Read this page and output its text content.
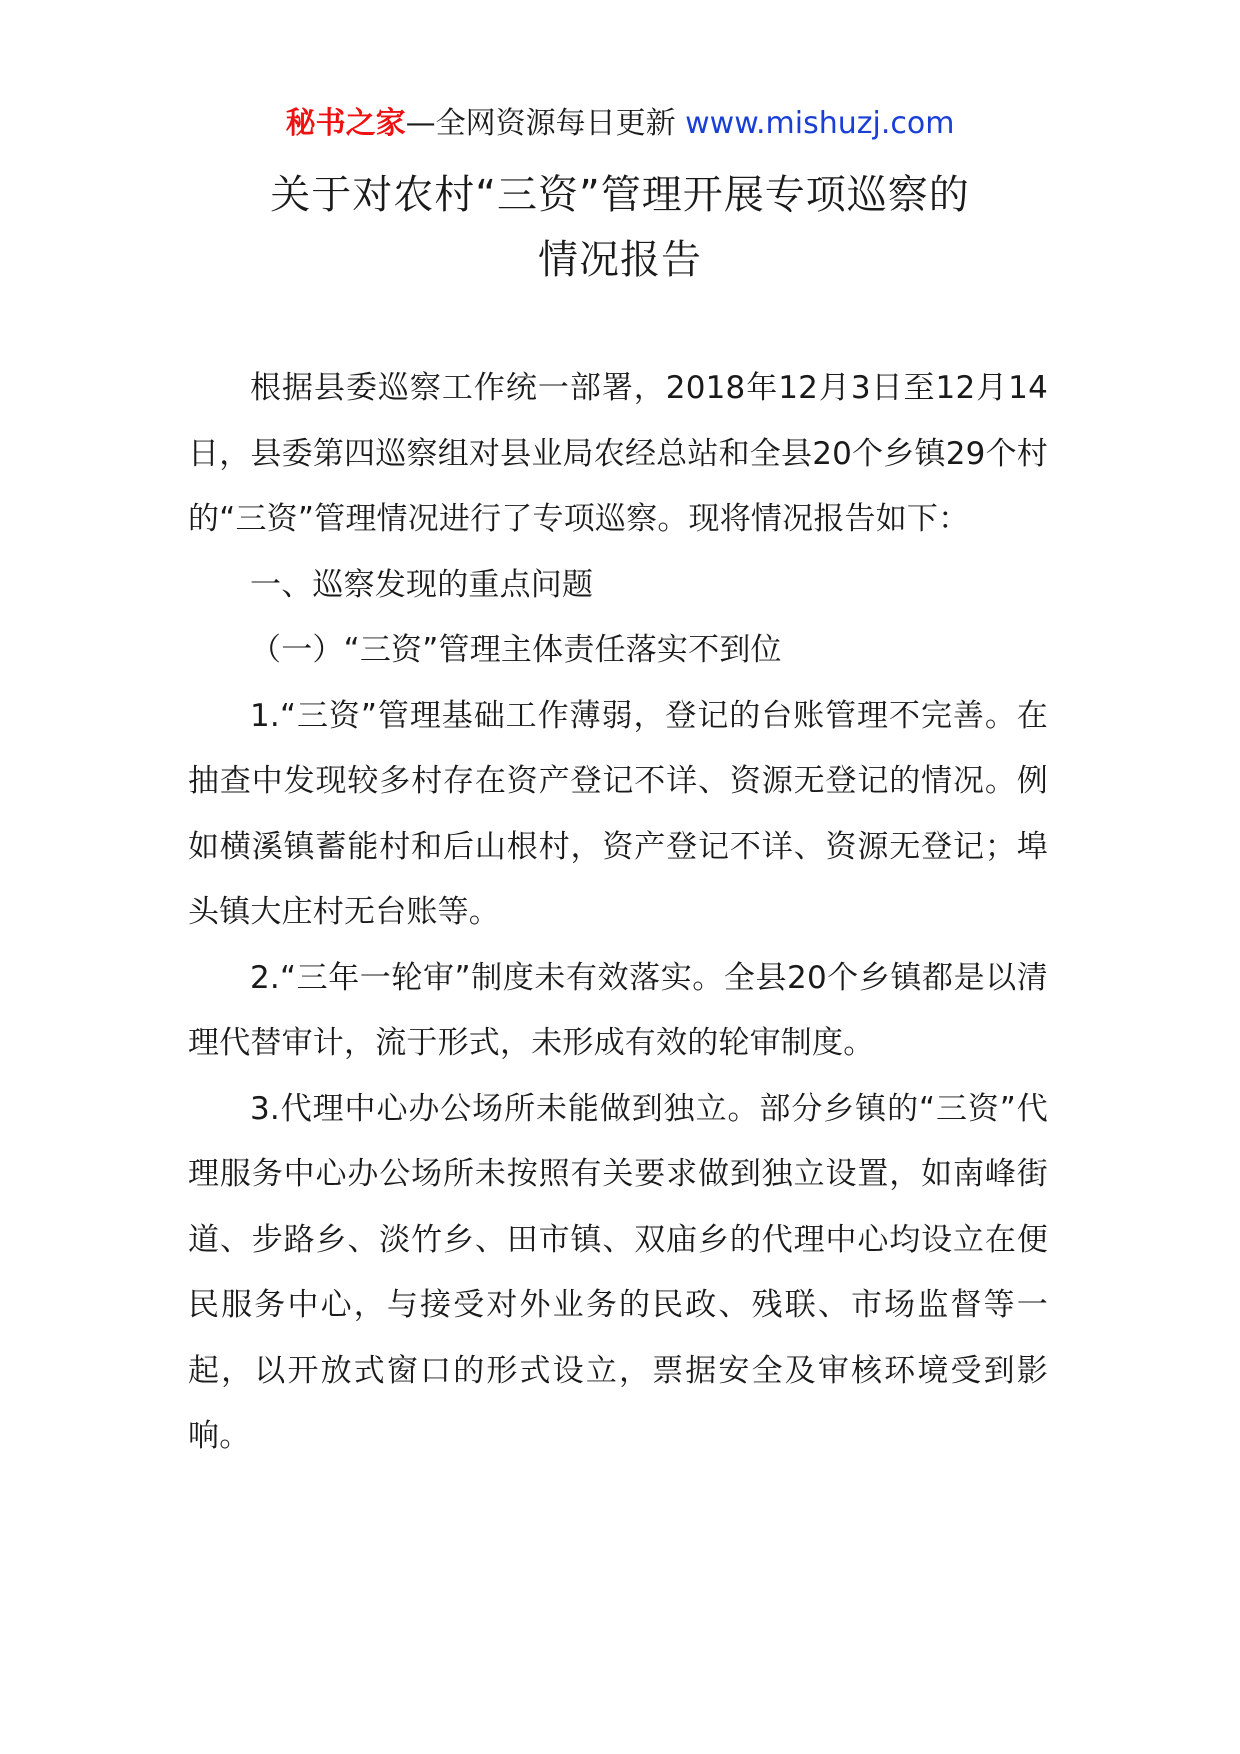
秘书之家—全网资源每日更新 www.mishuzj.com
关于对农村“三资”管理开展专项巡察的
情况报告

根据县委巡察工作统一部署，2018年12月3日至12月14日，县委第四巡察组对县业局农经总站和全县20个乡镇29个村的“三资”管理情况进行了专项巡察。现将情况报告如下：

一、巡察发现的重点问题

（一）“三资”管理主体责任落实不到位

1.“三资”管理基础工作薄弱，登记的台账管理不完善。在抽查中发现较多村存在资产登记不详、资源无登记的情况。例如横溪镇蓄能村和后山根村，资产登记不详、资源无登记；埠头镇大庄村无台账等。

2.“三年一轮审”制度未有效落实。全县20个乡镇都是以清理代替审计，流于形式，未形成有效的轮审制度。

3.代理中心办公场所未能做到独立。部分乡镇的“三资”代理服务中心办公场所未按照有关要求做到独立设置，如南峰街道、步路乡、淡竹乡、田市镇、双庙乡的代理中心均设立在便民服务中心，与接受对外业务的民政、残联、市场监督等一起，以开放式窗口的形式设立，票据安全及审核环境受到影响。
